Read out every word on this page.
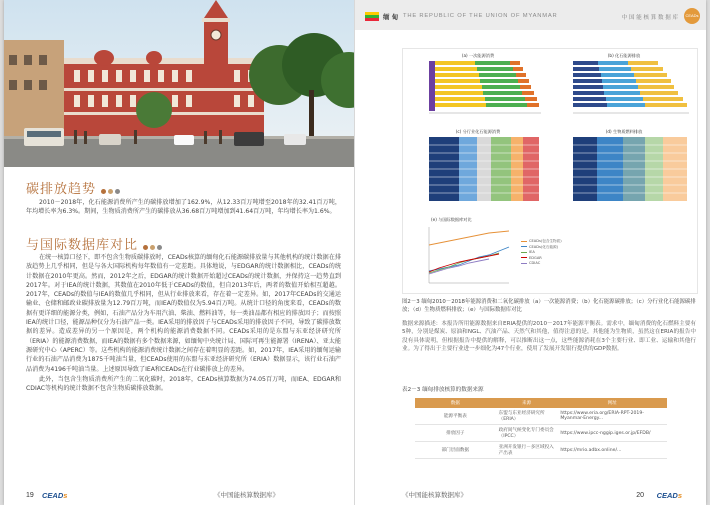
碳排放趋势

2010－2018年，化石能源消费所产生的碳排放增加了162.9%，从12.33百万吨增至2018年的32.41百万吨，年均增长率为6.3%。期间，生物质消费所产生的碳排放从36.68百万吨增加到41.64百万吨，年均增长率为1.6%。

与国际数据库对比

在统一核算口径下，即不包含生物质碳排放时，CEADs核算的缅甸化石能源碳排放量与其他机构的统计数据在排放趋势上几乎相同，但是与各大国际机构每年数值有一定差距。具体地说，与EDGAR的统计数据相比，CEADs的统计数据在2010年更高。然而，2012年之后，EDGAR的统计数据开始超过CEADs的统计数据，并保持这一趋势直到2017年。对于IEA的统计数据，其数值在2010年低于CEADs的数值，但自2013年后，两者的数值开始相互超越。2017年，CEADs的数值与IEA的数值几乎相同，但从行业排放来看，存在着一定差异。如，2017年CEADs的交通运输业、仓储和邮政业碳排放量为12.79百万吨，而IEA的数值仅为5.94百万吨。从统计口径的角度来看，CEADs的数据有更详细的能源分类，例如，石油产品分为车用汽油、柴油、燃料油等，每一类油品都有相应的排放因子；而按照IEA的统计口径，能源品种仅分为石油产品一类。IEA采用的排放因子与CEADs采用的排放因子不同，导致了碳排放数据的差异。造成差异的另一个原因是，两个机构的能源消费数据不同。CEADs采用的是东盟与东亚经济研究所（ERIA）的能源消费数据，而IEA的数据有多个数据来源，如缅甸中央统计局、国际可再生能源署（IRENA）、亚太能源研究中心（APERC）等。这些机构的能源消费统计数据之间存在着明显的差距。如，2017年，IEA采用的缅甸运输行业的石油产品消费为1875千吨油当量，但CEADs使用的东盟与东亚经济研究所（ERIA）数据显示，该行业石油产品消费为4196千吨油当量。上述原因导致了IEA和CEADs在行业碳排放上的差异。

此外，当包含生物质消费所产生的二氧化碳时，2018年，CEADs核算数据为74.05百万吨，而IEA、EDGAR和CDIAC等机构的统计数据不包含生物质碳排放数据。

19 CEADs	《中国能核算数据库》
缅 甸 THE REPUBLIC OF THE UNION OF MYANMAR	中 国 能 核 算 数 据 库	CEADs
(a) 一次能源消费	(b) 化石能源排放
(c) 分行业化石能源消费	(d) 生物质燃料排放
(e) 与国际数据库对比
CEADs(包含生物质)
CEADs(化石能源)
IEA
EDGAR
CDIAC
图2－3 缅甸2010－2018年能源消费和二氧化碳排放（a）一次能源消费；（b）化石能源碳排放；（c）分行业化石能源碳排放；（d）生物质燃料排放；（e）与国际数据库对比
数据来源描述：本报告所用能源数据来自ERIA提供的2010－2017年能源平衡表。需求中，缅甸消费的化石燃料主要有5种，分别是煤炭、原油和NGL、汽油产品、天然气和其他，值得注意的是，其他能为生物质，虽然这在ERIA的报告中没有具体说明，但根据报告中提供的解释，可以推断出这一点，这些能源消耗在3个主要行业、即工业、运输和其他行业。为了得出于主要行业进一步细化为47个行业，使用了发展开发银行提供的GDP数据。
表2－3 缅甸排放核算的数据来源
数据	来源	网址
能源平衡表	东盟与东亚经济研究所（ERIA）	https://www.eria.org/ERIA-RPT-2019-Myanmar-Energy...
排放因子	政府间气候变化专门委员会（IPCC）	https://www.ipcc-nggip.iges.or.jp/EFDB/
部门层面数据	亚洲开发银行－多区域投入产出表	https://mrio.adbx.online/...
《中国能核算数据库》	20 CEADs
